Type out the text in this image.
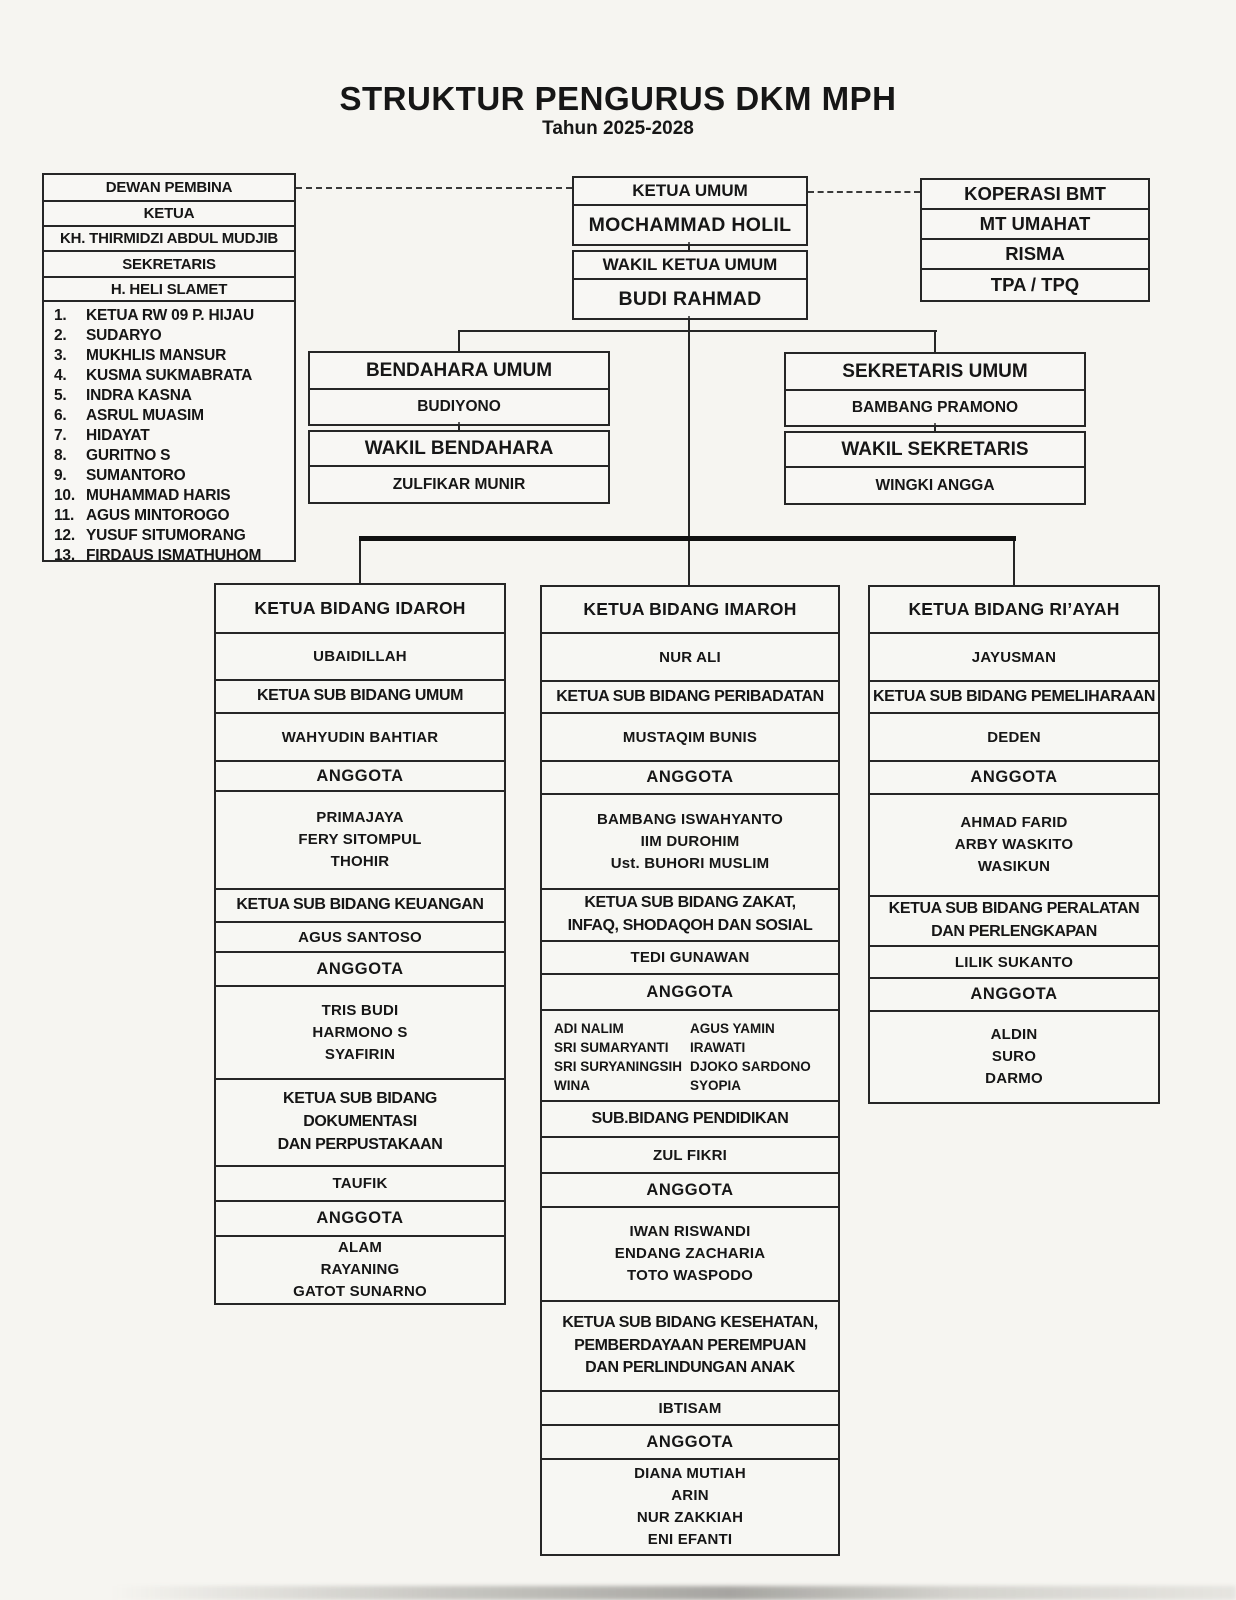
STRUKTUR PENGURUS DKM MPH
Tahun 2025-2028
DEWAN PEMBINA
KETUA
KH. THIRMIDZI ABDUL MUDJIB
SEKRETARIS
H. HELI SLAMET
1.	KETUA RW 09 P. HIJAU
2.	SUDARYO
3.	MUKHLIS MANSUR
4.	KUSMA SUKMABRATA
5.	INDRA KASNA
6.	ASRUL MUASIM
7.	HIDAYAT
8.	GURITNO S
9.	SUMANTORO
10. MUHAMMAD HARIS
11. AGUS MINTOROGO
12. YUSUF SITUMORANG
13. FIRDAUS ISMATHUHOM
KETUA UMUM
MOCHAMMAD HOLIL
WAKIL KETUA UMUM
BUDI RAHMAD
KOPERASI BMT
MT UMAHAT
RISMA
TPA / TPQ
BENDAHARA UMUM
BUDIYONO
WAKIL BENDAHARA
ZULFIKAR MUNIR
SEKRETARIS UMUM
BAMBANG PRAMONO
WAKIL SEKRETARIS
WINGKI ANGGA
KETUA BIDANG IDAROH
UBAIDILLAH
KETUA SUB BIDANG UMUM
WAHYUDIN BAHTIAR
ANGGOTA
PRIMAJAYA
FERY SITOMPUL
THOHIR
KETUA SUB BIDANG KEUANGAN
AGUS SANTOSO
ANGGOTA
TRIS BUDI
HARMONO S
SYAFIRIN
KETUA SUB BIDANG
DOKUMENTASI
DAN PERPUSTAKAAN
TAUFIK
ANGGOTA
ALAM
RAYANING
GATOT SUNARNO
KETUA BIDANG IMAROH
NUR ALI
KETUA SUB BIDANG PERIBADATAN
MUSTAQIM BUNIS
ANGGOTA
BAMBANG ISWAHYANTO
IIM DUROHIM
Ust. BUHORI MUSLIM
KETUA SUB BIDANG ZAKAT,
INFAQ, SHODAQOH DAN SOSIAL
TEDI GUNAWAN
ANGGOTA
ADI NALIM
SRI SUMARYANTI
SRI SURYANINGSIH
WINA
AGUS YAMIN
IRAWATI
DJOKO SARDONO
SYOPIA
SUB.BIDANG PENDIDIKAN
ZUL FIKRI
ANGGOTA
IWAN RISWANDI
ENDANG ZACHARIA
TOTO WASPODO
KETUA SUB BIDANG KESEHATAN,
PEMBERDAYAAN PEREMPUAN
DAN PERLINDUNGAN ANAK
IBTISAM
ANGGOTA
DIANA MUTIAH
ARIN
NUR ZAKKIAH
ENI EFANTI
KETUA BIDANG RI’AYAH
JAYUSMAN
KETUA SUB BIDANG PEMELIHARAAN
DEDEN
ANGGOTA
AHMAD FARID
ARBY WASKITO
WASIKUN
KETUA SUB BIDANG PERALATAN
DAN PERLENGKAPAN
LILIK SUKANTO
ANGGOTA
ALDIN
SURO
DARMO
